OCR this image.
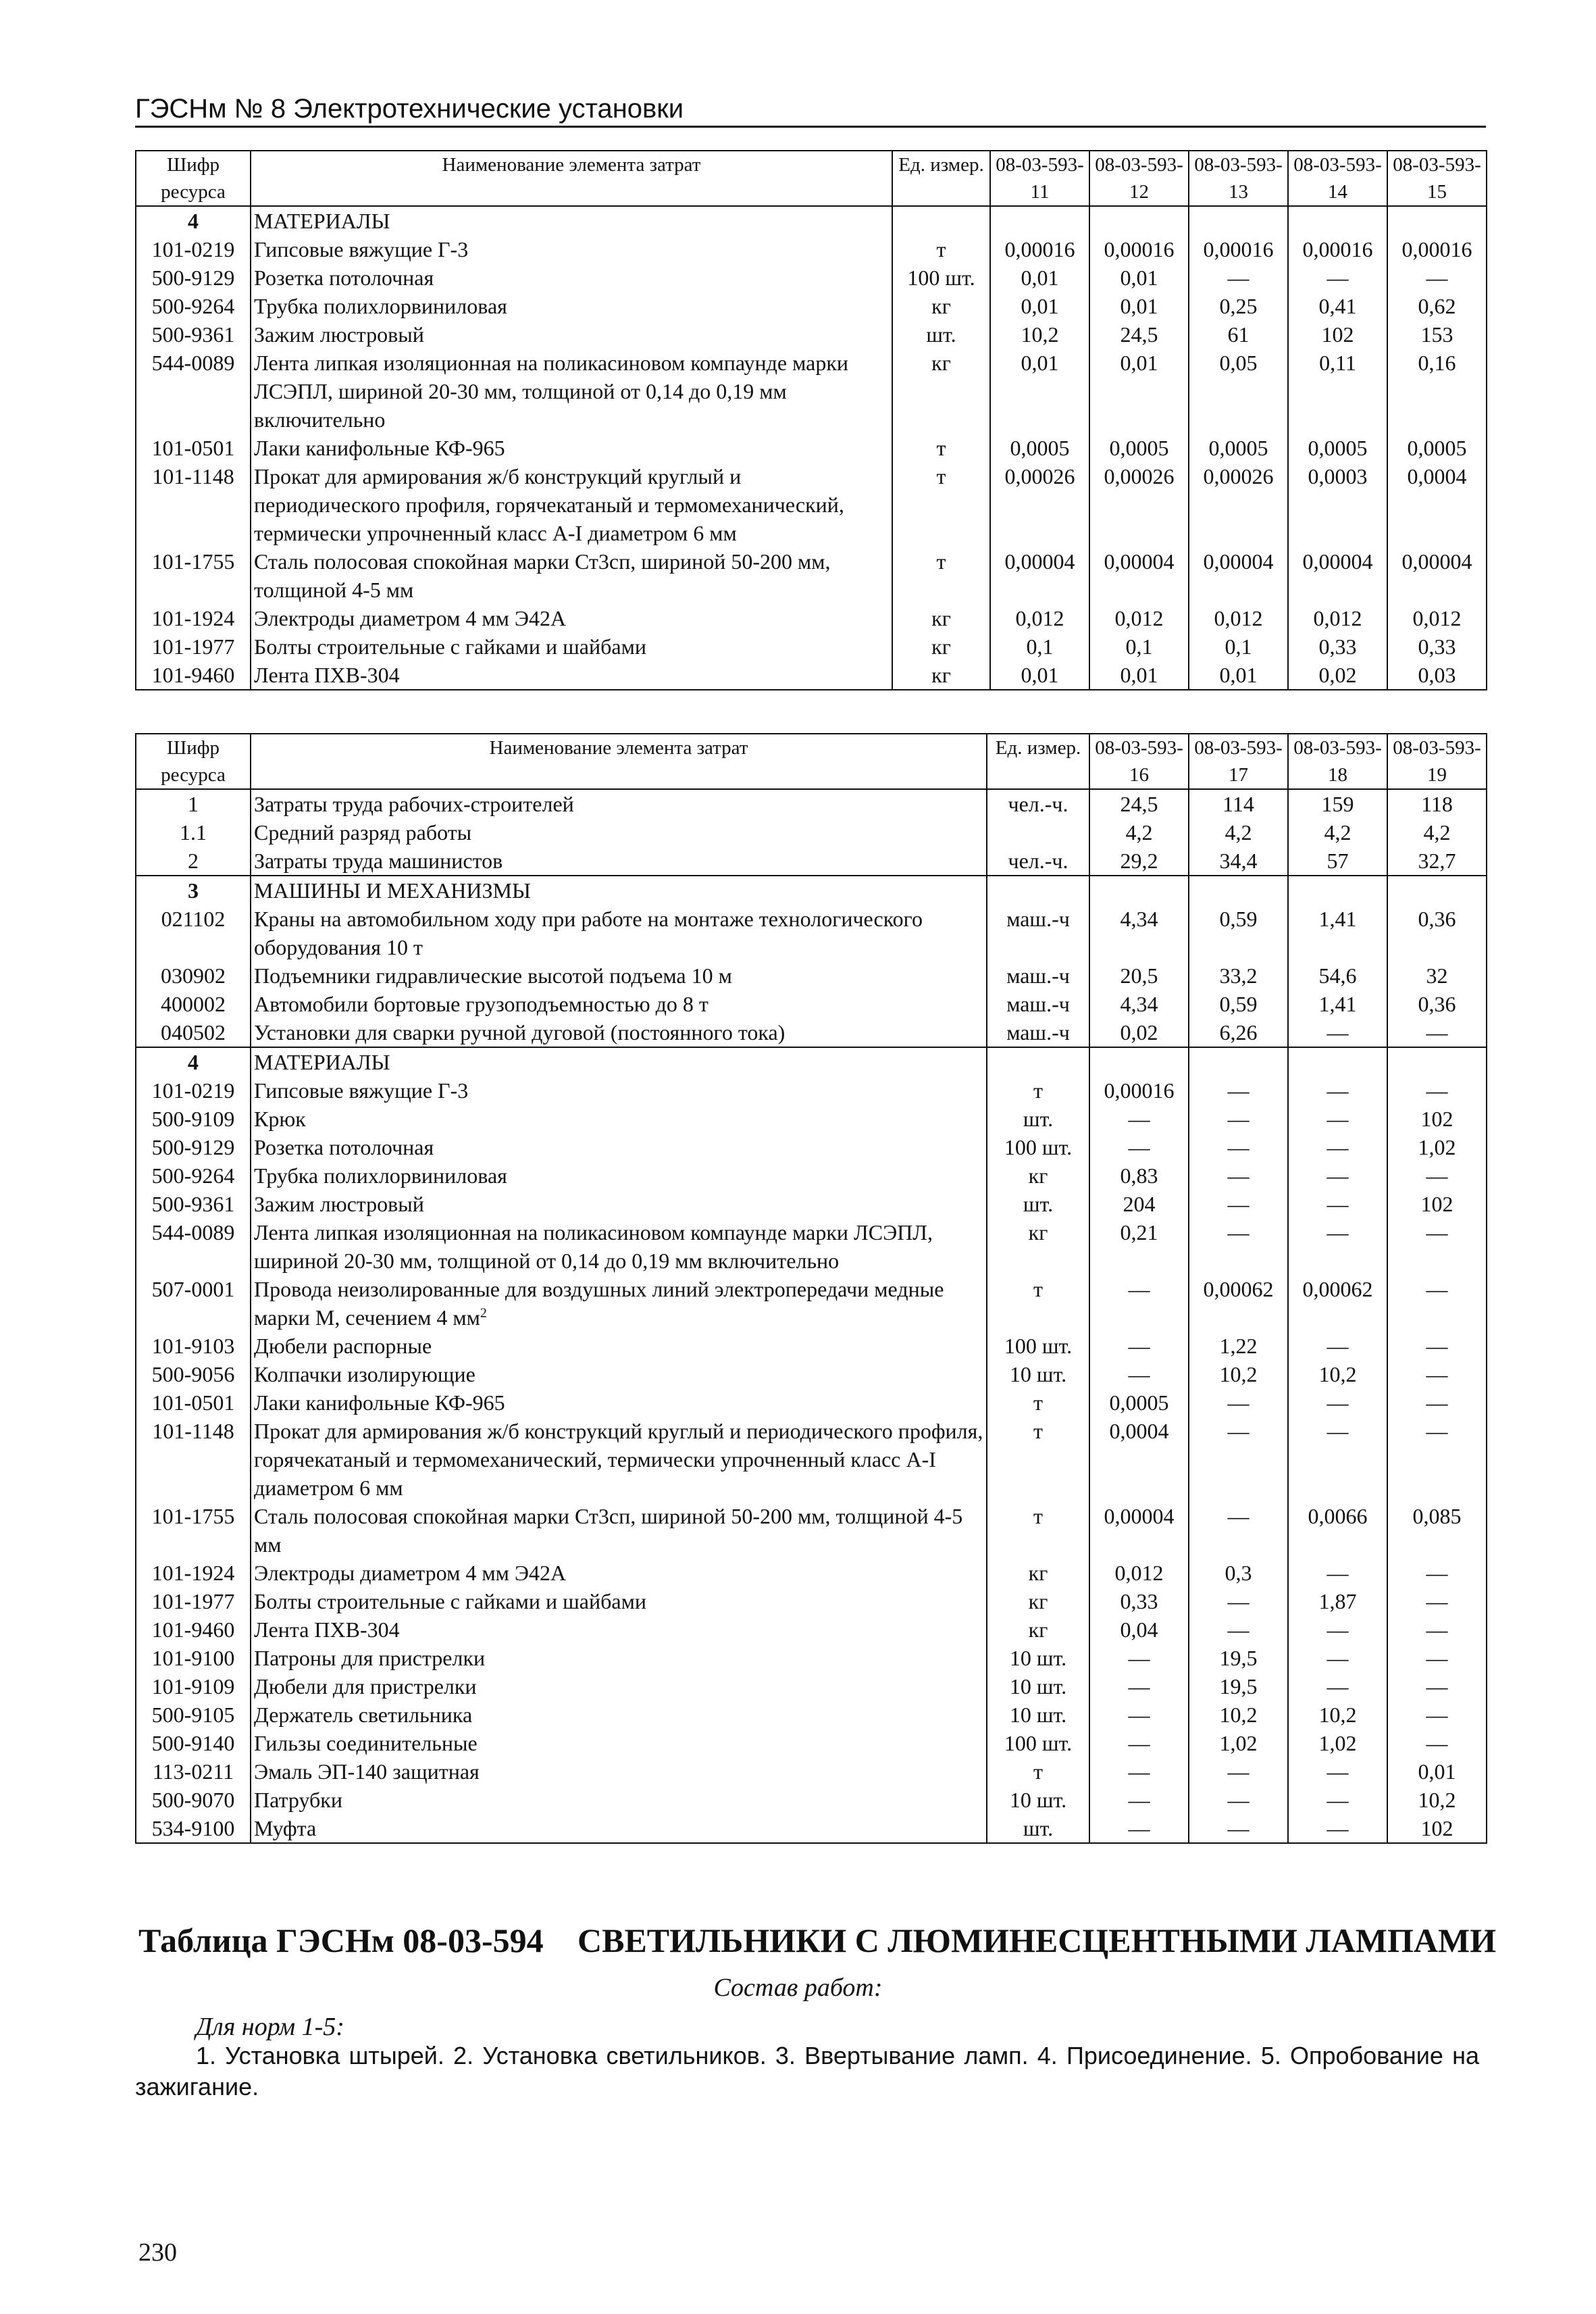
ГЭСНм № 8 Электротехнические установки
Шифр ресурса	Наименование элемента затрат	Ед. измер.	08-03-593-11	08-03-593-12	08-03-593-13	08-03-593-14	08-03-593-15
4	МАТЕРИАЛЫ						
101-0219	Гипсовые вяжущие Г-3	т	0,00016	0,00016	0,00016	0,00016	0,00016
500-9129	Розетка потолочная	100 шт.	0,01	0,01	—	—	—
500-9264	Трубка полихлорвиниловая	кг	0,01	0,01	0,25	0,41	0,62
500-9361	Зажим люстровый	шт.	10,2	24,5	61	102	153
544-0089	Лента липкая изоляционная на поликасиновом компаунде марки ЛСЭПЛ, шириной 20-30 мм, толщиной от 0,14 до 0,19 мм включительно	кг	0,01	0,01	0,05	0,11	0,16
101-0501	Лаки канифольные КФ-965	т	0,0005	0,0005	0,0005	0,0005	0,0005
101-1148	Прокат для армирования ж/б конструкций круглый и периодического профиля, горячекатаный и термомеханический, термически упрочненный класс А-I диаметром 6 мм	т	0,00026	0,00026	0,00026	0,0003	0,0004
101-1755	Сталь полосовая спокойная марки Ст3сп, шириной 50-200 мм, толщиной 4-5 мм	т	0,00004	0,00004	0,00004	0,00004	0,00004
101-1924	Электроды диаметром 4 мм Э42А	кг	0,012	0,012	0,012	0,012	0,012
101-1977	Болты строительные с гайками и шайбами	кг	0,1	0,1	0,1	0,33	0,33
101-9460	Лента ПХВ-304	кг	0,01	0,01	0,01	0,02	0,03
Шифр ресурса	Наименование элемента затрат	Ед. измер.	08-03-593-16	08-03-593-17	08-03-593-18	08-03-593-19
1	Затраты труда рабочих-строителей	чел.-ч.	24,5	114	159	118
1.1	Средний разряд работы		4,2	4,2	4,2	4,2
2	Затраты труда машинистов	чел.-ч.	29,2	34,4	57	32,7
3	МАШИНЫ И МЕХАНИЗМЫ					
021102	Краны на автомобильном ходу при работе на монтаже технологического оборудования 10 т	маш.-ч	4,34	0,59	1,41	0,36
030902	Подъемники гидравлические высотой подъема 10 м	маш.-ч	20,5	33,2	54,6	32
400002	Автомобили бортовые грузоподъемностью до 8 т	маш.-ч	4,34	0,59	1,41	0,36
040502	Установки для сварки ручной дуговой (постоянного тока)	маш.-ч	0,02	6,26	—	—
4	МАТЕРИАЛЫ					
101-0219	Гипсовые вяжущие Г-3	т	0,00016	—	—	—
500-9109	Крюк	шт.	—	—	—	102
500-9129	Розетка потолочная	100 шт.	—	—	—	1,02
500-9264	Трубка полихлорвиниловая	кг	0,83	—	—	—
500-9361	Зажим люстровый	шт.	204	—	—	102
544-0089	Лента липкая изоляционная на поликасиновом компаунде марки ЛСЭПЛ, шириной 20-30 мм, толщиной от 0,14 до 0,19 мм включительно	кг	0,21	—	—	—
507-0001	Провода неизолированные для воздушных линий электропередачи медные марки М, сечением 4 $мм^2$	т	—	0,00062	0,00062	—
101-9103	Дюбели распорные	100 шт.	—	1,22	—	—
500-9056	Колпачки изолирующие	10 шт.	—	10,2	10,2	—
101-0501	Лаки канифольные КФ-965	т	0,0005	—	—	—
101-1148	Прокат для армирования ж/б конструкций круглый и периодического профиля, горячекатаный и термомеханический, термически упрочненный класс А-I диаметром 6 мм	т	0,0004	—	—	—
101-1755	Сталь полосовая спокойная марки Ст3сп, шириной 50-200 мм, толщиной 4-5 мм	т	0,00004	—	0,0066	0,085
101-1924	Электроды диаметром 4 мм Э42А	кг	0,012	0,3	—	—
101-1977	Болты строительные с гайками и шайбами	кг	0,33	—	1,87	—
101-9460	Лента ПХВ-304	кг	0,04	—	—	—
101-9100	Патроны для пристрелки	10 шт.	—	19,5	—	—
101-9109	Дюбели для пристрелки	10 шт.	—	19,5	—	—
500-9105	Держатель светильника	10 шт.	—	10,2	10,2	—
500-9140	Гильзы соединительные	100 шт.	—	1,02	1,02	—
113-0211	Эмаль ЭП-140 защитная	т	—	—	—	0,01
500-9070	Патрубки	10 шт.	—	—	—	10,2
534-9100	Муфта	шт.	—	—	—	102
Таблица ГЭСНм 08-03-594 СВЕТИЛЬНИКИ С ЛЮМИНЕСЦЕНТНЫМИ ЛАМПАМИ
Состав работ:
Для норм 1-5:
1. Установка штырей. 2. Установка светильников. 3. Ввертывание ламп. 4. Присоединение. 5. Опробование на зажигание.
230
